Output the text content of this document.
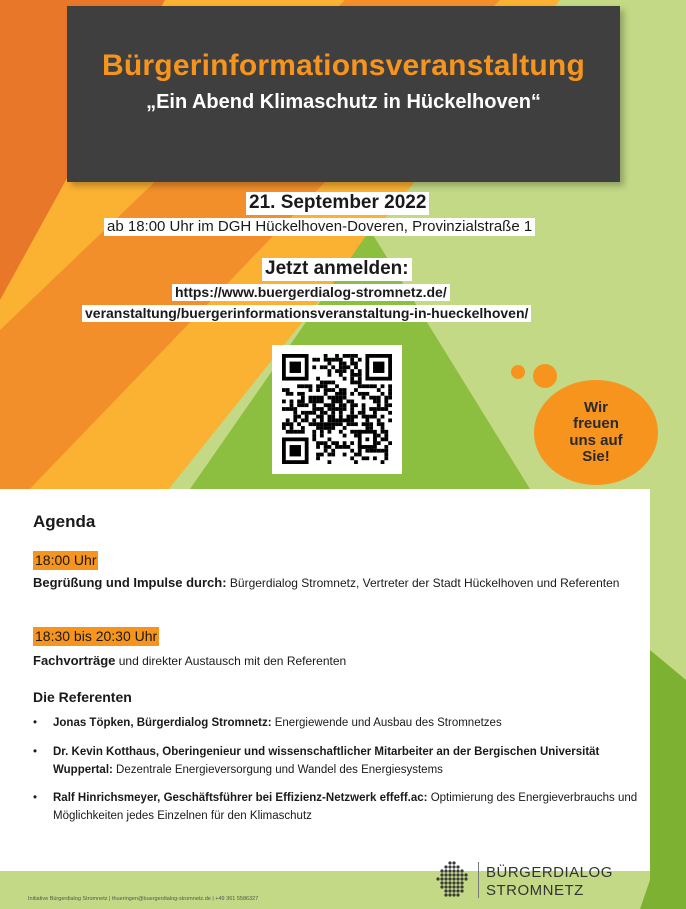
Bürgerinformationsveranstaltung
„Ein Abend Klimaschutz in Hückelhoven“
21. September 2022
ab 18:00 Uhr im DGH Hückelhoven-Doveren, Provinzialstraße 1
Jetzt anmelden:
https://www.buergerdialog-stromnetz.de/
veranstaltung/buergerinformationsveranstaltung-in-hueckelhoven/
Wir freuen uns auf Sie!
Agenda
18:00 Uhr
Begrüßung und Impulse durch: Bürgerdialog Stromnetz, Vertreter der Stadt Hückelhoven und Referenten
18:30 bis 20:30 Uhr
Fachvorträge und direkter Austausch mit den Referenten
Die Referenten
• Jonas Töpken, Bürgerdialog Stromnetz: Energiewende und Ausbau des Stromnetzes
• Dr. Kevin Kotthaus, Oberingenieur und wissenschaftlicher Mitarbeiter an der Bergischen Universität Wuppertal: Dezentrale Energieversorgung und Wandel des Energiesystems
• Ralf Hinrichsmeyer, Geschäftsführer bei Effizienz-Netzwerk effeff.ac: Optimierung des Energieverbrauchs und Möglichkeiten jedes Einzelnen für den Klimaschutz
Initiative Bürgerdialog Stromnetz | thueringen@buergerdialog-stromnetz.de | +49 361 5586327
BÜRGERDIALOG
STROMNETZ
